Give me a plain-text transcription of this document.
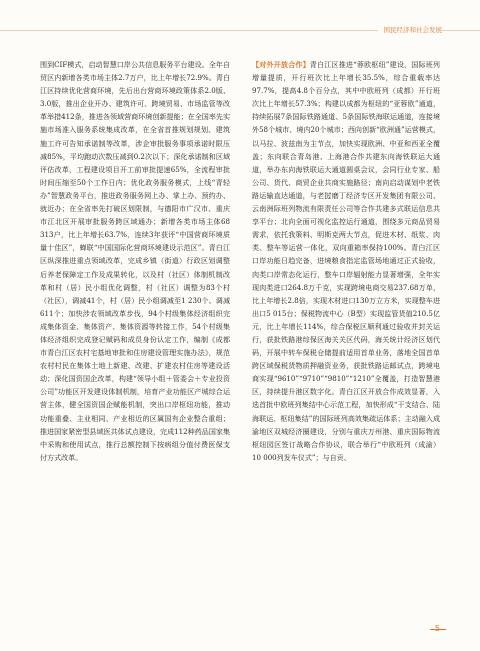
国民经济和社会发展

围到CIF模式，启动智慧口岸公共信息服务平台建设。全年自贸区内新增各类市场主体2.7万户，比上年增长72.9%。青白江区持续优化营商环境，先后出台营商环境政策体系2.0版、3.0版，推出企业开办、建筑许可、跨境贸易、市场监管等改革举措412条，推进各领域营商环境创新提能；在全国率先实施市场准入服务系统集成改革，在全省首推规划规划、建筑施工许可告知承诺制等改革，涉企审批服务事项承诺时限压减85%，平均跑动次数压减到0.2次以下；深化承诺制和区域评估改革，工程建设项目开工前审批提速65%，全流程审批时间压缩至50个工作日内；优化政务服务模式，上线“青轻办”智慧政务平台，推进政务服务网上办、掌上办、预约办、就近办；在全省率先打破区划限制，与德阳市广汉市、重庆市江北区开展审批服务跨区域通办；新增各类市场主体68 313户，比上年增长63.7%，连续3年获评“中国营商环境质量十佳区”，蝉联“中国国际化营商环境建设示范区”。青白江区纵深推进重点领域改革，完成乡镇（街道）行政区划调整后养老保障定工作及成果转化，以及村（社区）体制机制改革和村（居）民小组优化调整，村（社区）调整为83个村（社区），调减41个，村（居）民小组调减至1 230个、调减611个；加快涉农领域改革步伐，94个村级集体经济组织完成集体资金、集体资产、集体资源等转接工作，54个村级集体经济组织完成登记赋码和成员身份认定工作，编制《成都市青白江区农村宅基地审批和住房建设管理实施办法》，规范农村村民在集体土地上新建、改建、扩建农村住房等建设活动；深化国资国企改革，构建“领导小组＋管委会＋专业投资公司”功能区开发建设体制机制，培育产业功能区产城综合运营主体，健全国资国企赋能机制，突出口岸枢纽功能，推动功能重叠、主业相同、产业相近的区属国有企业整合重组；推进国家紧密型县域医共体试点建设，完成112种药品国家集中采购和使用试点，推行总额控制下按病组分值付费医保支付方式改革。

【对外开放合作】青白江区推进“蓉欧枢纽”建设，国际班列增量提质，开行班次比上年增长35.5%，综合重载率达97.7%，提高4.8个百分点，其中中欧班列（成都）开行班次比上年增长57.3%；构建以成都为枢纽的“亚蓉欧”通道，持续拓展7条国际铁路通道、5条国际铁海联运通道，连接境外58个城市、境内20个城市；西向创新“欧洲通”运营模式，以马拉、波兹南为主节点，加快实现欧洲、中亚和西亚全覆盖；东向联合青岛港、上海港合作共建东向海铁联运大通道，举办东向海铁联运大通道圆桌会议，会同行业专家、船公司、货代、商贸企业共商实施路径；南向启动谋划中老铁路运输直达通道，与老挝磨丁经济专区开发集团有限公司、云南洲际班列物流有限责任公司等合作共建多式联运信息共享平台；北向全面可视化监控运行通道，围绕多元商品贸易需求，依托我策料、明斯克两大节点，促进木材、纸浆、肉类、整车等运营一体化，双向重箱率保持100%。青白江区口岸功能日趋完备，进境粮食指定监管场地通过正式验收，肉类口岸常态化运行，整车口岸辐射能力显著增强，全年实现肉类进口264.8万千克，实现跨境电商交易237.68万单，比上年增长2.8倍，实现木材进口130万立方米，实现整车进出口5 015台；保税物流中心（B型）实现监管货值210.5亿元，比上年增长114%，综合保税区顺利通过验收并封关运行，获批铁路港综保区海关关区代码，海关统计经济区划代码，开展中转车保税仓储提前适用首单业务，落地全国首单跨区域保税货物质押融资业务，获批铁路运邮试点，跨境电商实现“9610”“9710”“9810”“1210”全覆盖，打造智慧港区，持续提升港区数字化。青白江区开放合作成效显著，入选首批中欧班列集结中心示范工程，加快形成“干支结合、陆海联运、枢纽集结”的国际班列高效集疏运体系；主动融入成渝地区双城经济圈建设，分别与重庆万州港、重庆国际物流枢纽园区签订战略合作协议，联合举行“中欧班列（成渝）10 000列发车仪式”；与自贡、

5
